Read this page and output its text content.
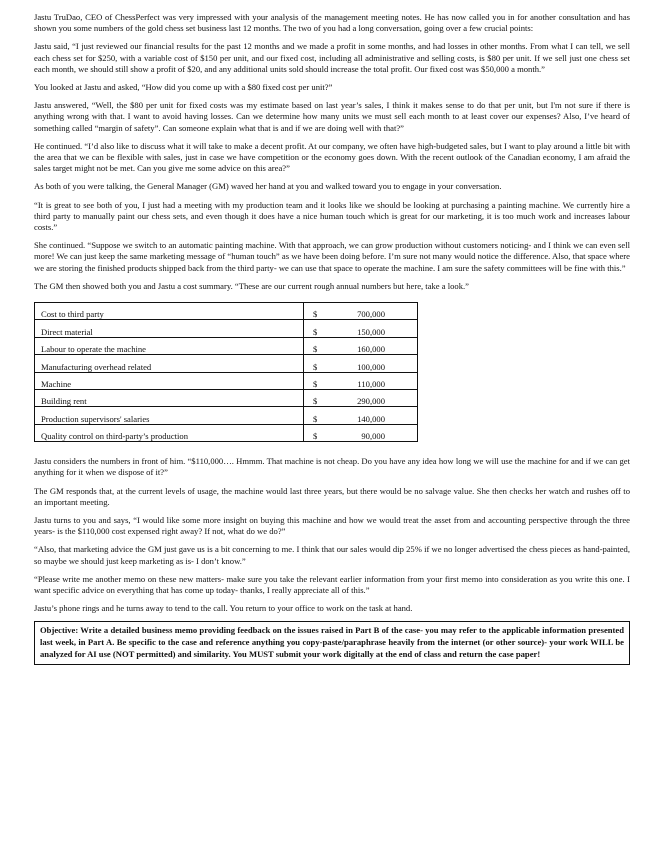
Jastu TruDao, CEO of ChessPerfect was very impressed with your analysis of the management meeting notes. He has now called you in for another consultation and has shown you some numbers of the gold chess set business last 12 months. The two of you had a long conversation, going over a few crucial points:

Jastu said, “I just reviewed our financial results for the past 12 months and we made a profit in some months, and had losses in other months. From what I can tell, we sell each chess set for $250, with a variable cost of $150 per unit, and our fixed cost, including all administrative and selling costs, is $80 per unit. If we sell just one chess set each month, we should still show a profit of $20, and any additional units sold should increase the total profit. Our fixed cost was $50,000 a month.”

You looked at Jastu and asked, “How did you come up with a $80 fixed cost per unit?”

Jastu answered, “Well, the $80 per unit for fixed costs was my estimate based on last year’s sales, I think it makes sense to do that per unit, but I'm not sure if there is anything wrong with that. I want to avoid having losses. Can we determine how many units we must sell each month to at least cover our expenses? Also, I’ve heard of something called “margin of safety”. Can someone explain what that is and if we are doing well with that?”

He continued. “I’d also like to discuss what it will take to make a decent profit. At our company, we often have high-budgeted sales, but I want to play around a little bit with the area that we can be flexible with sales, just in case we have competition or the economy goes down. With the recent outlook of the Canadian economy, I am afraid the sales target might not be met. Can you give me some advice on this area?”

As both of you were talking, the General Manager (GM) waved her hand at you and walked toward you to engage in your conversation.

“It is great to see both of you, I just had a meeting with my production team and it looks like we should be looking at purchasing a painting machine. We currently hire a third party to manually paint our chess sets, and even though it does have a nice human touch which is great for our marketing, it is too much work and increases labour costs.”

She continued. “Suppose we switch to an automatic painting machine. With that approach, we can grow production without customers noticing- and I think we can even sell more! We can just keep the same marketing message of “human touch” as we have been doing before. I’m sure not many would notice the difference. Also, that space where we are storing the finished products shipped back from the third party- we can use that space to operate the machine. I am sure the safety committees will be fine with this.”

The GM then showed both you and Jastu a cost summary. “These are our current rough annual numbers but here, take a look.”

Cost to third party	$ 700,000
Direct material	$ 150,000
Labour to operate the machine	$ 160,000
Manufacturing overhead related	$ 100,000
Machine	$ 110,000
Building rent	$ 290,000
Production supervisors' salaries	$ 140,000
Quality control on third-party’s production	$ 90,000

Jastu considers the numbers in front of him. “$110,000…. Hmmm. That machine is not cheap. Do you have any idea how long we will use the machine for and if we can get anything for it when we dispose of it?”

The GM responds that, at the current levels of usage, the machine would last three years, but there would be no salvage value. She then checks her watch and rushes off to an important meeting.

Jastu turns to you and says, “I would like some more insight on buying this machine and how we would treat the asset from and accounting perspective through the three years- is the $110,000 cost expensed right away? If not, what do we do?”

“Also, that marketing advice the GM just gave us is a bit concerning to me. I think that our sales would dip 25% if we no longer advertised the chess pieces as hand-painted, so maybe we should just keep marketing as is- I don’t know.”

“Please write me another memo on these new matters- make sure you take the relevant earlier information from your first memo into consideration as you write this one. I want specific advice on everything that has come up today- thanks, I really appreciate all of this.”

Jastu’s phone rings and he turns away to tend to the call. You return to your office to work on the task at hand.

Objective: Write a detailed business memo providing feedback on the issues raised in Part B of the case- you may refer to the applicable information presented last week, in Part A. Be specific to the case and reference anything you copy-paste/paraphrase heavily from the internet (or other source)- your work WILL be analyzed for AI use (NOT permitted) and similarity. You MUST submit your work digitally at the end of class and return the case paper!
